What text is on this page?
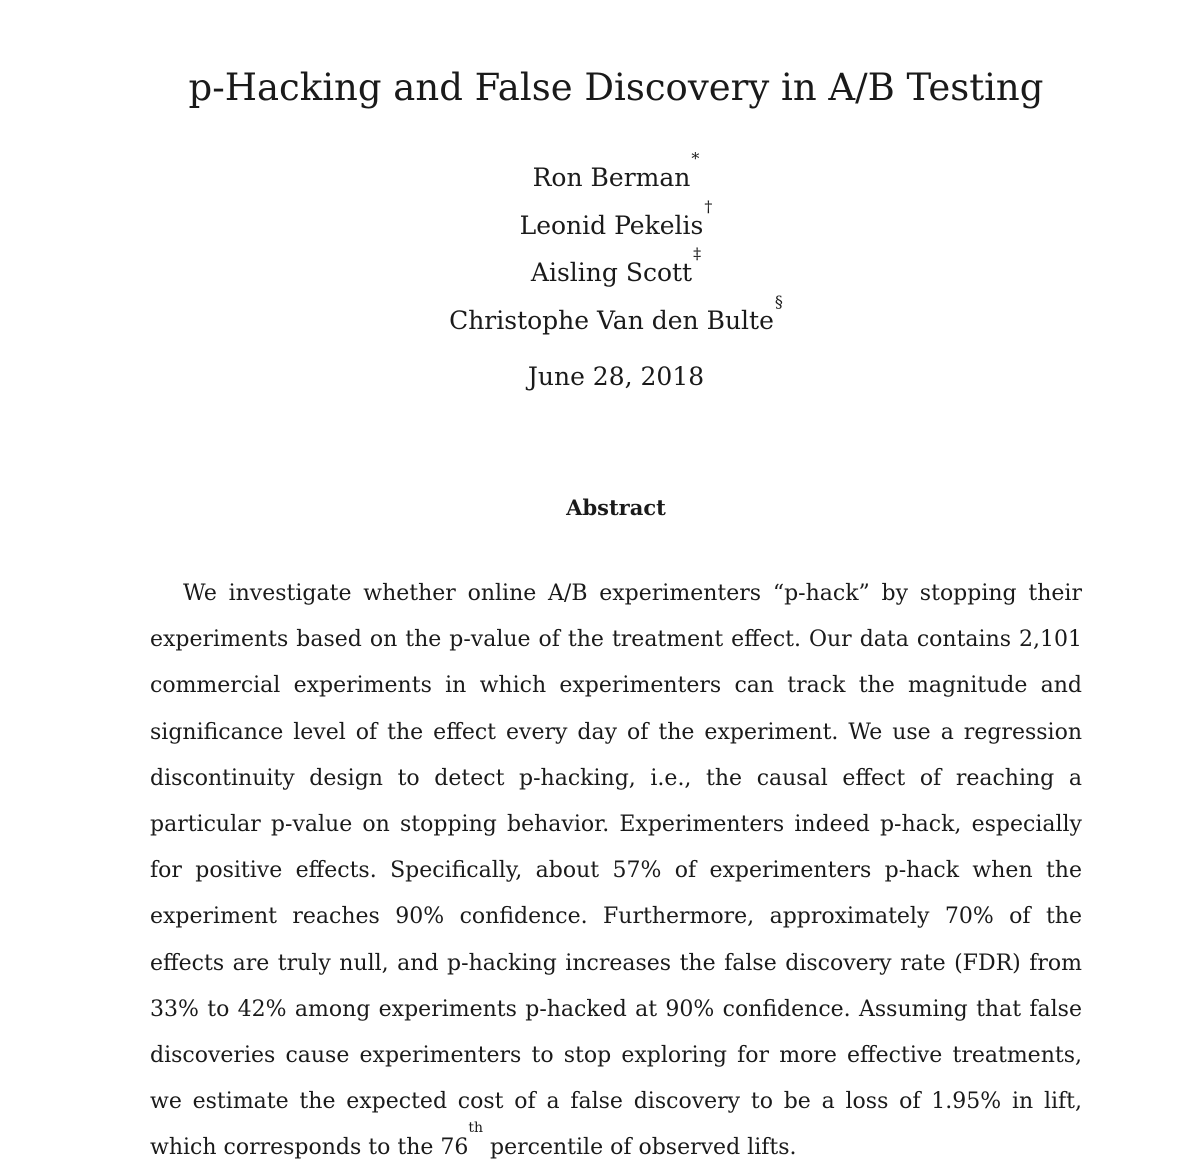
p-Hacking and False Discovery in A/B Testing
Ron Berman*
Leonid Pekelis†
Aisling Scott‡
Christophe Van den Bulte§
June 28, 2018
Abstract

We investigate whether online A/B experimenters “p-hack” by stopping their experiments based on the p-value of the treatment effect. Our data contains 2,101 commercial experiments in which experimenters can track the magnitude and significance level of the effect every day of the experiment. We use a regression discontinuity design to detect p-hacking, i.e., the causal effect of reaching a particular p-value on stopping behavior. Experimenters indeed p-hack, especially for positive effects. Specifically, about 57% of experimenters p-hack when the experiment reaches 90% confidence. Furthermore, approximately 70% of the effects are truly null, and p-hacking increases the false discovery rate (FDR) from 33% to 42% among experiments p-hacked at 90% confidence. Assuming that false discoveries cause experimenters to stop exploring for more effective treatments, we estimate the expected cost of a false discovery to be a loss of 1.95% in lift, which corresponds to the 76th percentile of observed lifts.
